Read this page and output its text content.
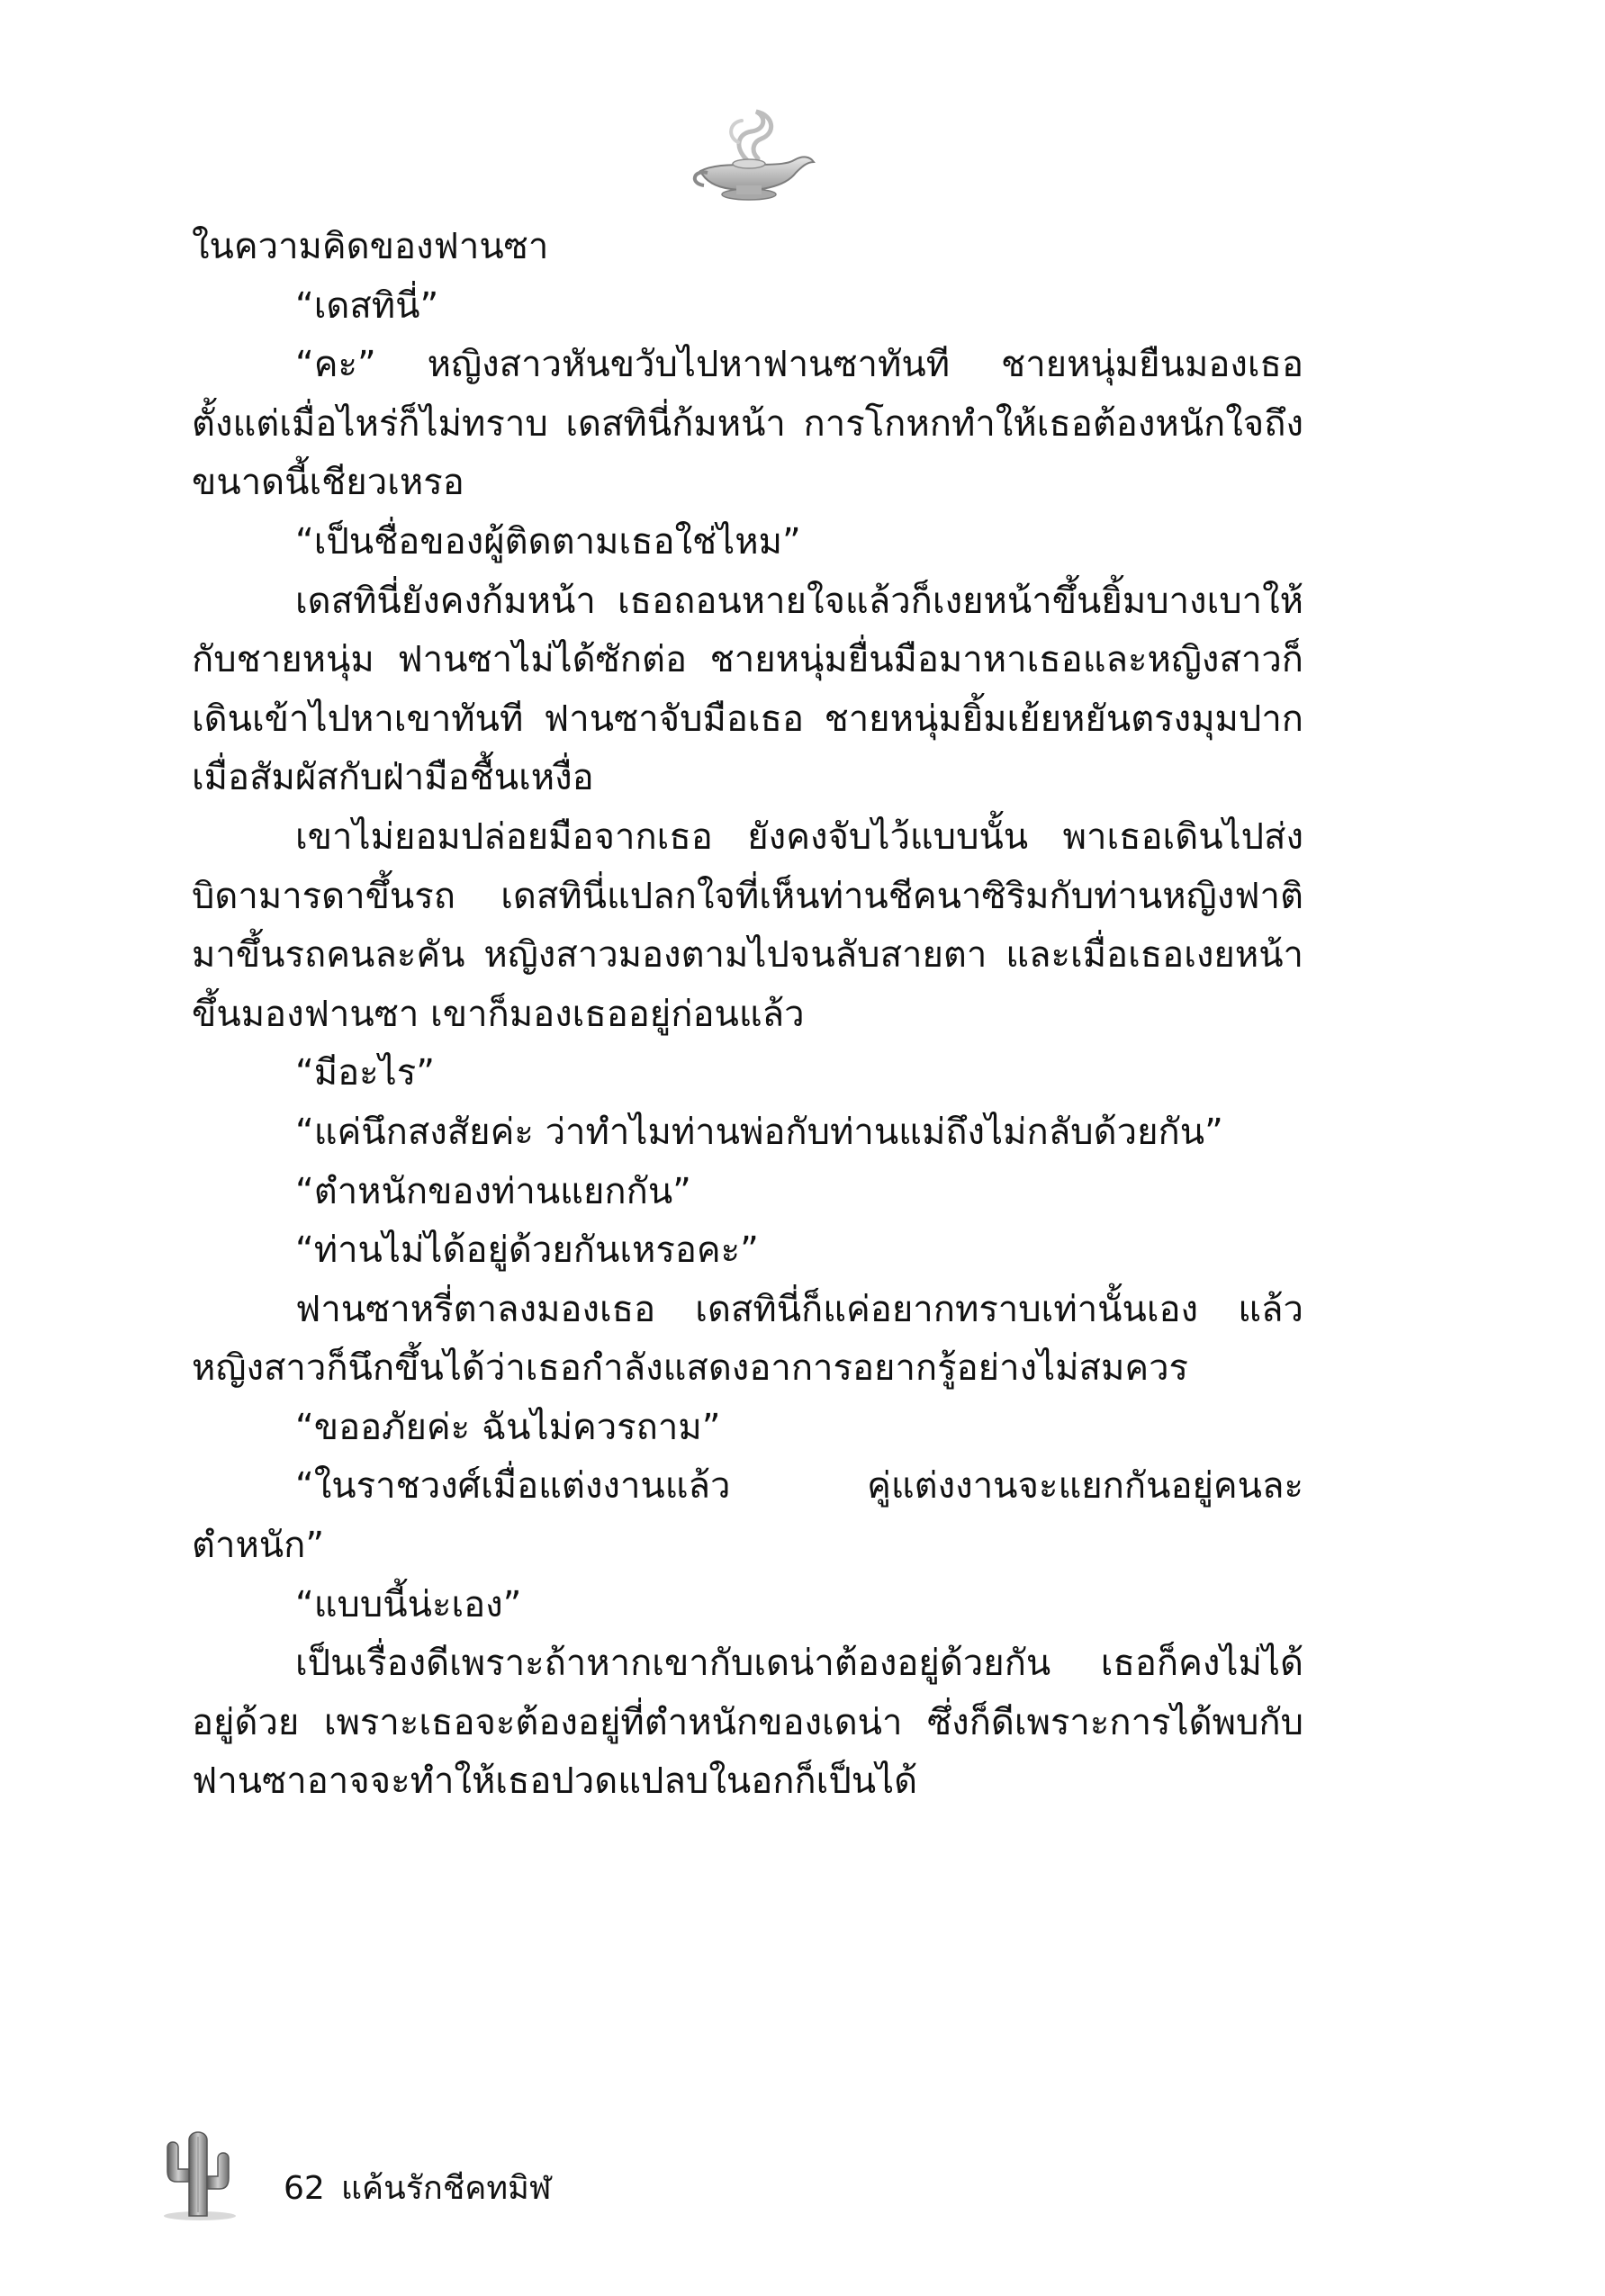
ในความคิดของฟานซา

“เดสทินี่”

“คะ” หญิงสาวหันขวับไปหาฟานซาทันที ชายหนุ่มยืนมองเธอตั้งแต่เมื่อไหร่ก็ไม่ทราบ เดสทินี่ก้มหน้า การโกหกทำให้เธอต้องหนักใจถึงขนาดนี้เชียวเหรอ

“เป็นชื่อของผู้ติดตามเธอใช่ไหม”

เดสทินี่ยังคงก้มหน้า เธอถอนหายใจแล้วก็เงยหน้าขึ้นยิ้มบางเบาให้กับชายหนุ่ม ฟานซาไม่ได้ซักต่อ ชายหนุ่มยื่นมือมาหาเธอและหญิงสาวก็เดินเข้าไปหาเขาทันที ฟานซาจับมือเธอ ชายหนุ่มยิ้มเย้ยหยันตรงมุมปาก เมื่อสัมผัสกับฝ่ามือชื้นเหงื่อ

เขาไม่ยอมปล่อยมือจากเธอ ยังคงจับไว้แบบนั้น พาเธอเดินไปส่งบิดามารดาขึ้นรถ เดสทินี่แปลกใจที่เห็นท่านชีคนาซิริมกับท่านหญิงฟาติมาขึ้นรถคนละคัน หญิงสาวมองตามไปจนลับสายตา และเมื่อเธอเงยหน้าขึ้นมองฟานซา เขาก็มองเธออยู่ก่อนแล้ว

“มีอะไร”

“แค่นึกสงสัยค่ะ ว่าทำไมท่านพ่อกับท่านแม่ถึงไม่กลับด้วยกัน”

“ตำหนักของท่านแยกกัน”

“ท่านไม่ได้อยู่ด้วยกันเหรอคะ”

ฟานซาหรี่ตาลงมองเธอ เดสทินี่ก็แค่อยากทราบเท่านั้นเอง แล้วหญิงสาวก็นึกขึ้นได้ว่าเธอกำลังแสดงอาการอยากรู้อย่างไม่สมควร

“ขออภัยค่ะ ฉันไม่ควรถาม”

“ในราชวงศ์เมื่อแต่งงานแล้ว คู่แต่งงานจะแยกกันอยู่คนละตำหนัก”

“แบบนี้น่ะเอง”

เป็นเรื่องดีเพราะถ้าหากเขากับเดน่าต้องอยู่ด้วยกัน เธอก็คงไม่ได้อยู่ด้วย เพราะเธอจะต้องอยู่ที่ตำหนักของเดน่า ซึ่งก็ดีเพราะการได้พบกับฟานซาอาจจะทำให้เธอปวดแปลบในอกก็เป็นได้

62 แค้นรักชีคทมิฬ
